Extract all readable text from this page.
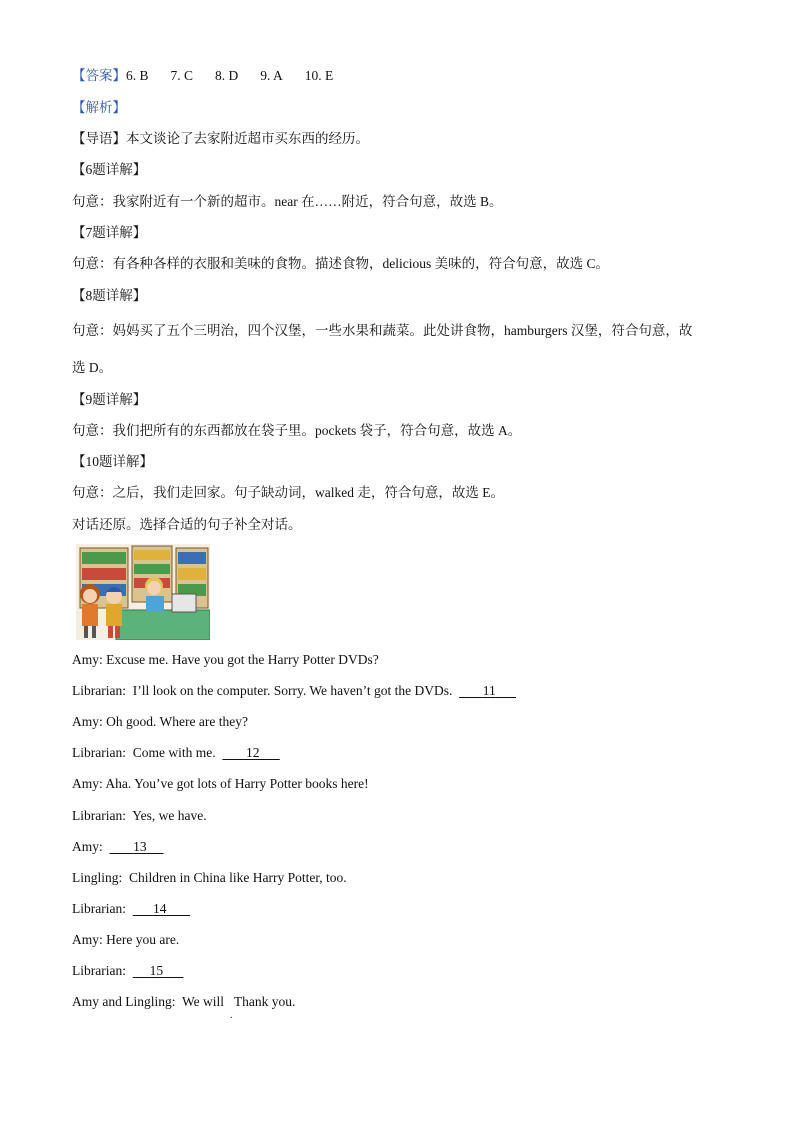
【答案】6. B 7. C 8. D 9. A 10. E
【解析】
【导语】本文谈论了去家附近超市买东西的经历。
【6题详解】
句意：我家附近有一个新的超市。near 在……附近，符合句意，故选 B。
【7题详解】
句意：有各种各样的衣服和美味的食物。描述食物，delicious 美味的，符合句意，故选 C。
【8题详解】
句意：妈妈买了五个三明治，四个汉堡，一些水果和蔬菜。此处讲食物，hamburgers 汉堡，符合句意，故
选 D。
【9题详解】
句意：我们把所有的东西都放在袋子里。pockets 袋子，符合句意，故选 A。
【10题详解】
句意：之后，我们走回家。句子缺动词，walked 走，符合句意，故选 E。
对话还原。选择合适的句子补全对话。
Amy: Excuse me. Have you got the Harry Potter DVDs?
Librarian: I’ll look on the computer. Sorry. We haven’t got the DVDs. 11
Amy: Oh good. Where are they?
Librarian: Come with me. 12
Amy: Aha. You’ve got lots of Harry Potter books here!
Librarian: Yes, we have.
Amy: 13
Lingling: Children in China like Harry Potter, too.
Librarian: 14
Amy: Here you are.
Librarian: 15
Amy and Lingling: We will   Thank you.
.
